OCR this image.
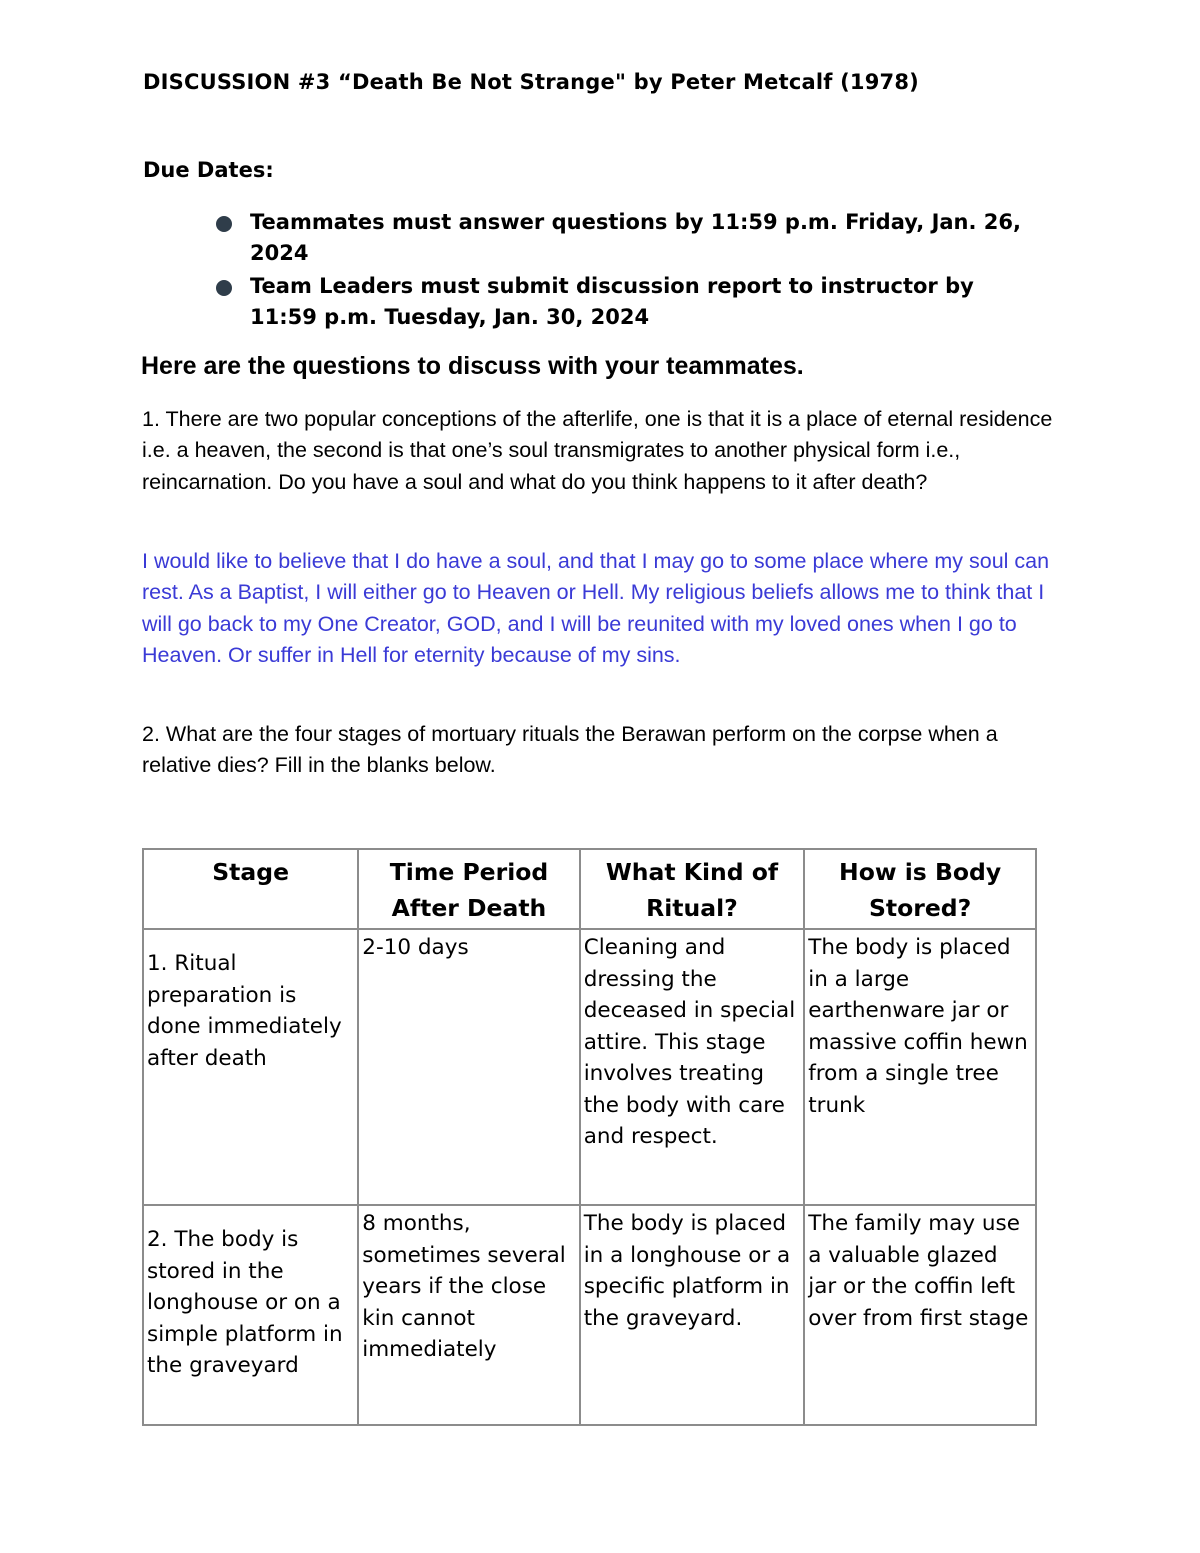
DISCUSSION #3 “Death Be Not Strange" by Peter Metcalf (1978)
Due Dates:
Teammates must answer questions by 11:59 p.m. Friday, Jan. 26, 2024
Team Leaders must submit discussion report to instructor by 11:59 p.m. Tuesday, Jan. 30, 2024
Here are the questions to discuss with your teammates.
1. There are two popular conceptions of the afterlife, one is that it is a place of eternal residence i.e. a heaven, the second is that one’s soul transmigrates to another physical form i.e., reincarnation. Do you have a soul and what do you think happens to it after death?
I would like to believe that I do have a soul, and that I may go to some place where my soul can rest. As a Baptist, I will either go to Heaven or Hell. My religious beliefs allows me to think that I will go back to my One Creator, GOD, and I will be reunited with my loved ones when I go to Heaven. Or suffer in Hell for eternity because of my sins.
2. What are the four stages of mortuary rituals the Berawan perform on the corpse when a relative dies? Fill in the blanks below.
Stage	Time Period After Death	What Kind of Ritual?	How is Body Stored?
1. Ritual preparation is done immediately after death	2-10 days	Cleaning and dressing the deceased in special attire. This stage involves treating the body with care and respect.	The body is placed in a large earthenware jar or massive coffin hewn from a single tree trunk
2. The body is stored in the longhouse or on a simple platform in the graveyard	8 months, sometimes several years if the close kin cannot immediately	The body is placed in a longhouse or a specific platform in the graveyard.	The family may use a valuable glazed jar or the coffin left over from first stage
